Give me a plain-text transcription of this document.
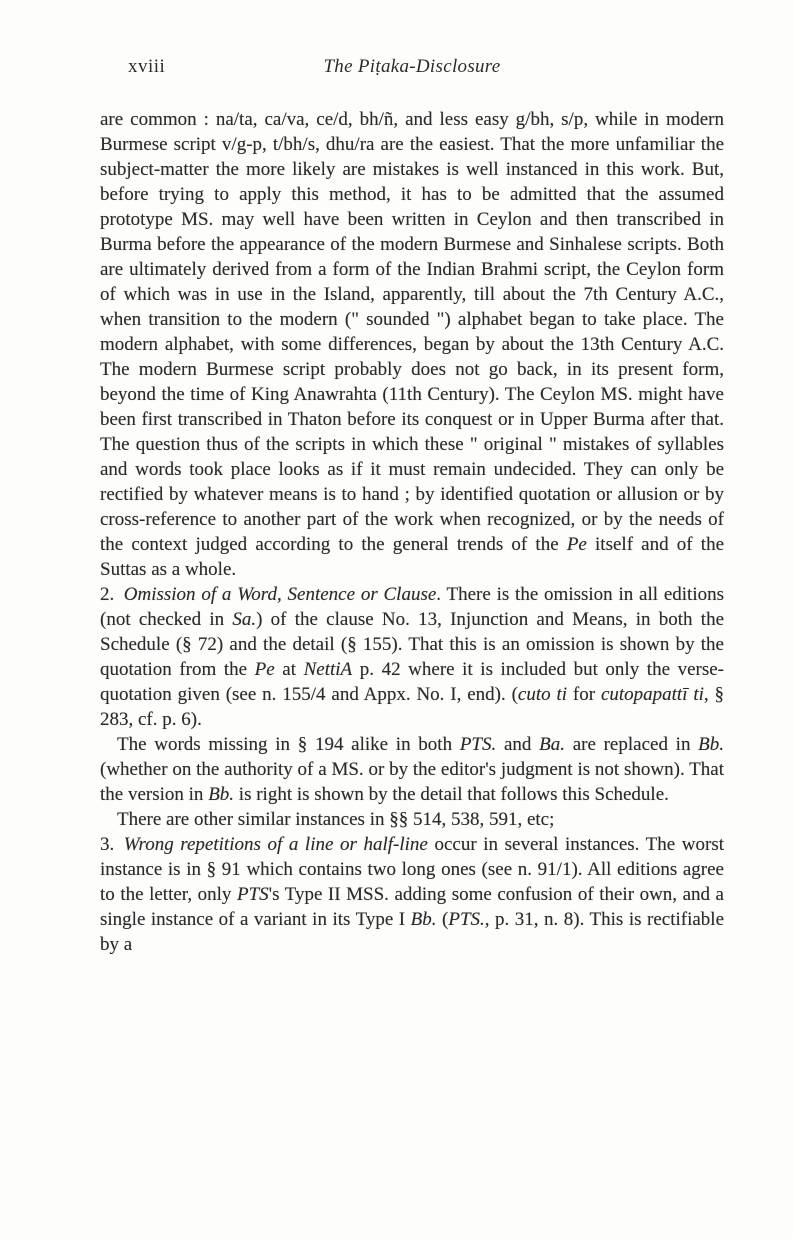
xviii	The Piṭaka-Disclosure

are common : na/ta, ca/va, ce/d, bh/ñ, and less easy g/bh, s/p, while in modern Burmese script v/g-p, t/bh/s, dhu/ra are the easiest. That the more unfamiliar the subject-matter the more likely are mistakes is well instanced in this work. But, before trying to apply this method, it has to be admitted that the assumed prototype MS. may well have been written in Ceylon and then transcribed in Burma before the appearance of the modern Burmese and Sinhalese scripts. Both are ultimately derived from a form of the Indian Brahmi script, the Ceylon form of which was in use in the Island, apparently, till about the 7th Century A.C., when transition to the modern (" sounded ") alphabet began to take place. The modern alphabet, with some differences, began by about the 13th Century A.C. The modern Burmese script probably does not go back, in its present form, beyond the time of King Anawrahta (11th Century). The Ceylon MS. might have been first transcribed in Thaton before its conquest or in Upper Burma after that. The question thus of the scripts in which these " original " mistakes of syllables and words took place looks as if it must remain undecided. They can only be rectified by whatever means is to hand ; by identified quotation or allusion or by cross-reference to another part of the work when recognized, or by the needs of the context judged according to the general trends of the Pe itself and of the Suttas as a whole.

2. Omission of a Word, Sentence or Clause. There is the omission in all editions (not checked in Sa.) of the clause No. 13, Injunction and Means, in both the Schedule (§ 72) and the detail (§ 155). That this is an omission is shown by the quotation from the Pe at NettiA p. 42 where it is included but only the verse-quotation given (see n. 155/4 and Appx. No. I, end). (cuto ti for cutopapattī ti, § 283, cf. p. 6).

The words missing in § 194 alike in both PTS. and Ba. are replaced in Bb. (whether on the authority of a MS. or by the editor's judgment is not shown). That the version in Bb. is right is shown by the detail that follows this Schedule.

There are other similar instances in §§ 514, 538, 591, etc;

3. Wrong repetitions of a line or half-line occur in several instances. The worst instance is in § 91 which contains two long ones (see n. 91/1). All editions agree to the letter, only PTS's Type II MSS. adding some confusion of their own, and a single instance of a variant in its Type I Bb. (PTS., p. 31, n. 8). This is rectifiable by a
